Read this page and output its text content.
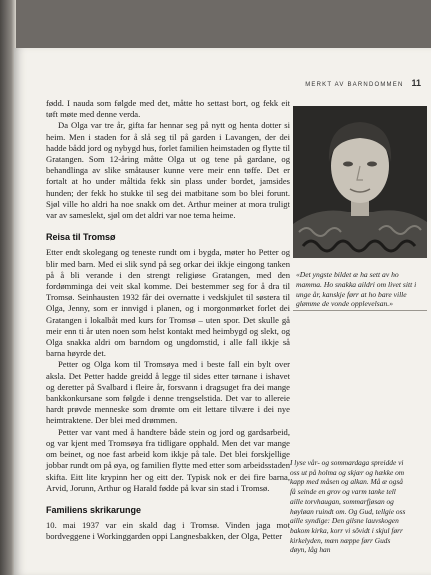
MERKT AV BARNDOMMEN 11

fødd. I nauda som følgde med det, måtte ho settast bort, og fekk eit tøft møte med denne verda.

Da Olga var tre år, gifta far hennar seg på nytt og henta dotter si heim. Men i staden for å slå seg til på garden i Lavangen, der dei hadde bådd jord og nybygd hus, forlet familien heimstaden og flytte til Gratangen. Som 12-åring måtte Olga ut og tene på gardane, og behandlinga av slike småtauser kunne vere meir enn tøffe. Det er fortalt at ho under måltida fekk sin plass under bordet, jamsides hunden; der fekk ho stukke til seg dei matbitane som bo blei forunt. Sjøl ville ho aldri ha noe snakk om det. Arthur meiner at mora truligt var av sameslekt, sjøl om det aldri var noe tema heime.

Reisa til Tromsø

Etter endt skolegang og teneste rundt om i bygda, møter ho Petter og blir med barn. Med ei slik synd på seg orkar dei ikkje eingong tanken på å bli verande i den strengt religiøse Gratangen, med den fordømminga dei veit skal komme. Dei bestemmer seg for å dra til Tromsø. Seinhausten 1932 får dei overnatte i vedskjulet til søstera til Olga, Jenny, som er innvigd i planen, og i morgonmørket forlet dei Gratangen i lokalbåt med kurs for Tromsø – uten spor. Det skulle gå meir enn ti år uten noen som helst kontakt med heimbygd og slekt, og Olga snakka aldri om barndom og ungdomstid, i alle fall ikkje så barna høyrde det.

Petter og Olga kom til Tromsøya med i beste fall ein bylt over aksla. Det Petter hadde greidd å legge til sides etter tørnane i ishavet og deretter på Svalbard i fleire år, forsvann i dragsuget fra dei mange bankkonkursane som følgde i denne trengselstida. Det var to allereie hardt prøvde menneske som drømte om eit lettare tilvære i dei nye heimtraktene. Der blei med drømmen.

Petter var vant med å handtere både stein og jord og gardsarbeid, og var kjent med Tromsøya fra tidligare opphald. Men det var mange om beinet, og noe fast arbeid kom ikkje på tale. Det blei forskjellige jobbar rundt om på øya, og familien flytte med etter som arbeidsstaden skifta. Eitt lite krypinn her og eitt der. Typisk nok er dei fire barna, Arvid, Jorunn, Arthur og Harald fødde på kvar sin stad i Tromsø.

Familiens skrikarunge

10. mai 1937 var ein skald dag i Tromsø. Vinden jaga mot bordveggene i Workinggarden oppi Langnesbakken, der Olga, Petter

«Det yngste bildet æ ha sett av ho mamma. Ho snakka aildri om livet sitt i unge år, kanskje førr at ho bare ville glømme de vonde opplevelsan.»
I lyse vår- og sommardaga spreidde vi oss ut på holma og skjær og hække om kapp med måsen og alkan. Må æ også få seinde en grov og varm tanke tell aille torvhaugan, sommarfjøsan og høyløan ruindt om. Og Gud, tellgie oss aille syndige: Den gilsne lauvskogen bakom kirka, korr vi sõvidt i skjul førr kirkelyden, mæn næppe førr Guds døyn, låg han
